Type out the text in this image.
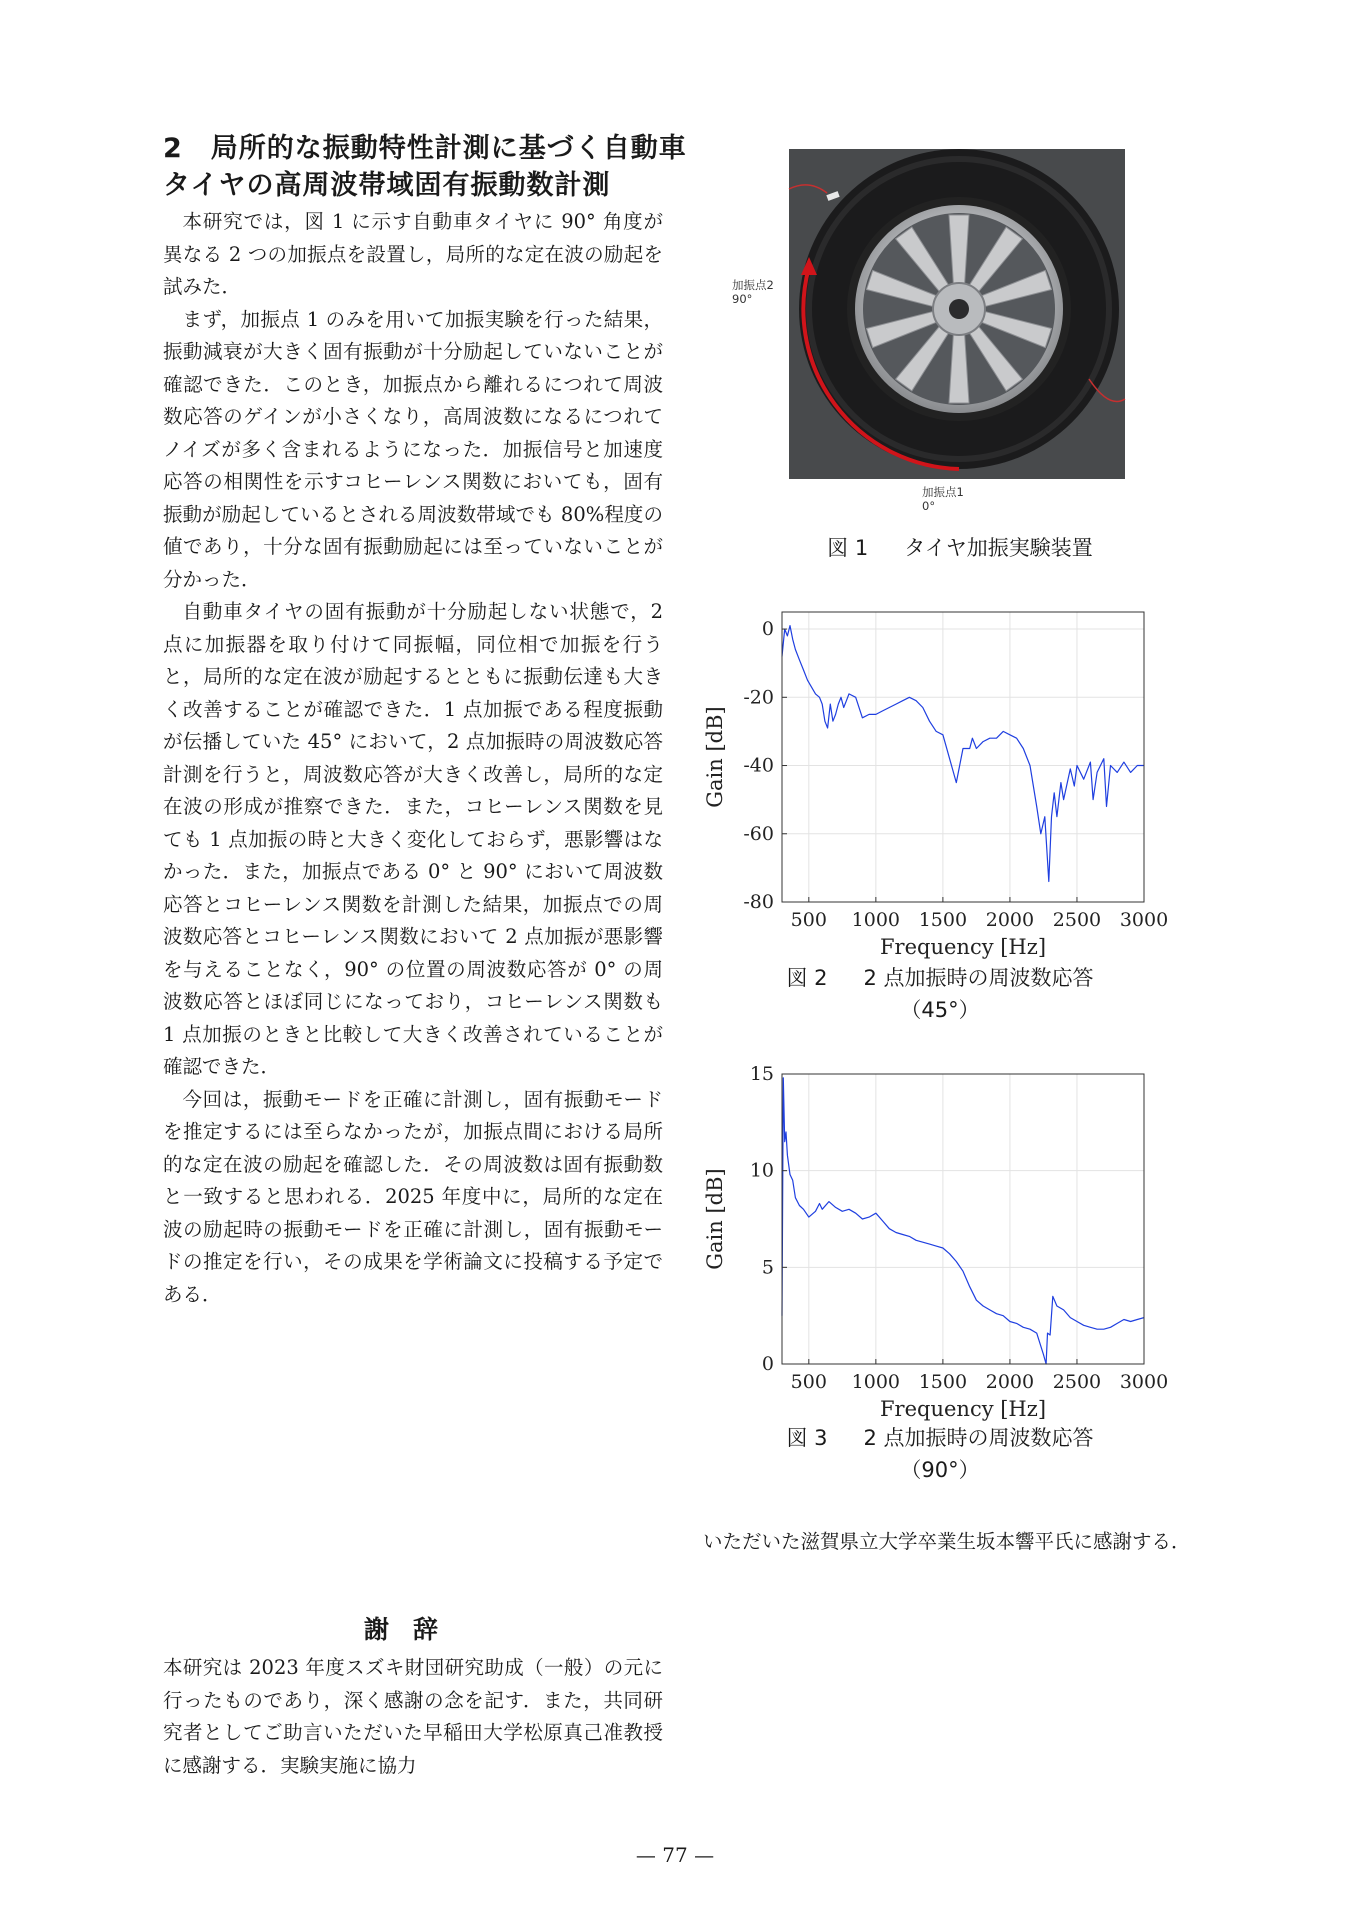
2　局所的な振動特性計測に基づく自動車
タイヤの高周波帯域固有振動数計測

本研究では，図 1 に示す自動車タイヤに 90° 角度が異なる 2 つの加振点を設置し，局所的な定在波の励起を試みた．

まず，加振点 1 のみを用いて加振実験を行った結果，振動減衰が大きく固有振動が十分励起していないことが確認できた．このとき，加振点から離れるにつれて周波数応答のゲインが小さくなり，高周波数になるにつれてノイズが多く含まれるようになった．加振信号と加速度応答の相関性を示すコヒーレンス関数においても，固有振動が励起しているとされる周波数帯域でも 80%程度の値であり，十分な固有振動励起には至っていないことが分かった．

自動車タイヤの固有振動が十分励起しない状態で，2 点に加振器を取り付けて同振幅，同位相で加振を行うと，局所的な定在波が励起するとともに振動伝達も大きく改善することが確認できた．1 点加振である程度振動が伝播していた 45° において，2 点加振時の周波数応答計測を行うと，周波数応答が大きく改善し，局所的な定在波の形成が推察できた．また，コヒーレンス関数を見ても 1 点加振の時と大きく変化しておらず，悪影響はなかった．また，加振点である 0° と 90° において周波数応答とコヒーレンス関数を計測した結果，加振点での周波数応答とコヒーレンス関数において 2 点加振が悪影響を与えることなく，90° の位置の周波数応答が 0° の周波数応答とほぼ同じになっており，コヒーレンス関数も 1 点加振のときと比較して大きく改善されていることが確認できた．

今回は，振動モードを正確に計測し，固有振動モードを推定するには至らなかったが，加振点間における局所的な定在波の励起を確認した．その周波数は固有振動数と一致すると思われる．2025 年度中に，局所的な定在波の励起時の振動モードを正確に計測し，固有振動モードの推定を行い，その成果を学術論文に投稿する予定である．

謝辞

本研究は 2023 年度スズキ財団研究助成（一般）の元に行ったものであり，深く感謝の念を記す．また，共同研究者としてご助言いただいた早稲田大学松原真己准教授に感謝する．実験実施に協力

いただいた滋賀県立大学卒業生坂本響平氏に感謝する．

加振点2
90°
加振点1
0°
図 1 タイヤ加振実験装置
500 1000 1500 2000 2500 3000
0
-20
-40
-60
-80
Frequency [Hz]
Gain [dB]
図 2 2 点加振時の周波数応答
（45°）
500 1000 1500 2000 2500 3000
0
5
10
15
Frequency [Hz]
Gain [dB]
図 3 2 点加振時の周波数応答
（90°）
— 77 —
